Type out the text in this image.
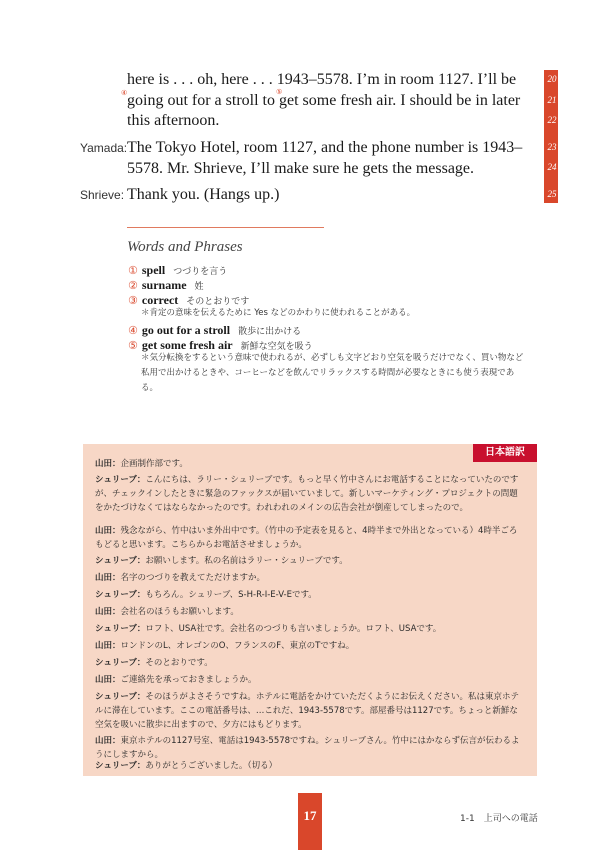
here is . . . oh, here . . . 1943–5578. I’m in room 1127. I’ll be
④ going out for a stroll to get some fresh air. I should be in later
⑤
this afternoon.
Yamada: The Tokyo Hotel, room 1127, and the phone number is 1943–
5578. Mr. Shrieve, I’ll make sure he gets the message.
Shrieve: Thank you. (Hangs up.)
20
21
22
23
24
25
Words and Phrases
① spell つづりを言う
② surname 姓
③ correct そのとおりです
＊肯定の意味を伝えるために Yes などのかわりに使われることがある。
④ go out for a stroll 散歩に出かける
⑤ get some fresh air 新鮮な空気を吸う
＊気分転換をするという意味で使われるが、必ずしも文字どおり空気を吸うだけでなく、買い物など私用で出かけるときや、コーヒーなどを飲んでリラックスする時間が必要なときにも使う表現である。
日本語訳
山田：企画制作部です。
シュリーブ：こんにちは、ラリー・シュリーブです。もっと早く竹中さんにお電話することになっていたのですが、チェックインしたときに緊急のファックスが届いていまして。新しいマーケティング・プロジェクトの問題をかたづけなくてはならなかったのです。われわれのメインの広告会社が倒産してしまったので。
山田：残念ながら、竹中はいま外出中です。（竹中の予定表を見ると、4時半まで外出となっている）4時半ごろもどると思います。こちらからお電話させましょうか。
シュリーブ：お願いします。私の名前はラリー・シュリーブです。
山田：名字のつづりを教えてただけますか。
シュリーブ：もちろん。シュリーブ、S-H-R-I-E-V-Eです。
山田：会社名のほうもお願いします。
シュリーブ：ロフト、USA社です。会社名のつづりも言いましょうか。ロフト、USAです。
山田：ロンドンのL、オレゴンのO、フランスのF、東京のTですね。
シュリーブ：そのとおりです。
山田：ご連絡先を承っておきましょうか。
シュリーブ：そのほうがよさそうですね。ホテルに電話をかけていただくようにお伝えください。私は東京ホテルに滞在しています。ここの電話番号は、…これだ、1943-5578です。部屋番号は1127です。ちょっと新鮮な空気を吸いに散歩に出ますので、夕方にはもどります。
山田：東京ホテルの1127号室、電話は1943-5578ですね。シュリーブさん。竹中にはかならず伝言が伝わるようにしますから。
シュリーブ：ありがとうございました。（切る）
17	1-1　上司への電話
